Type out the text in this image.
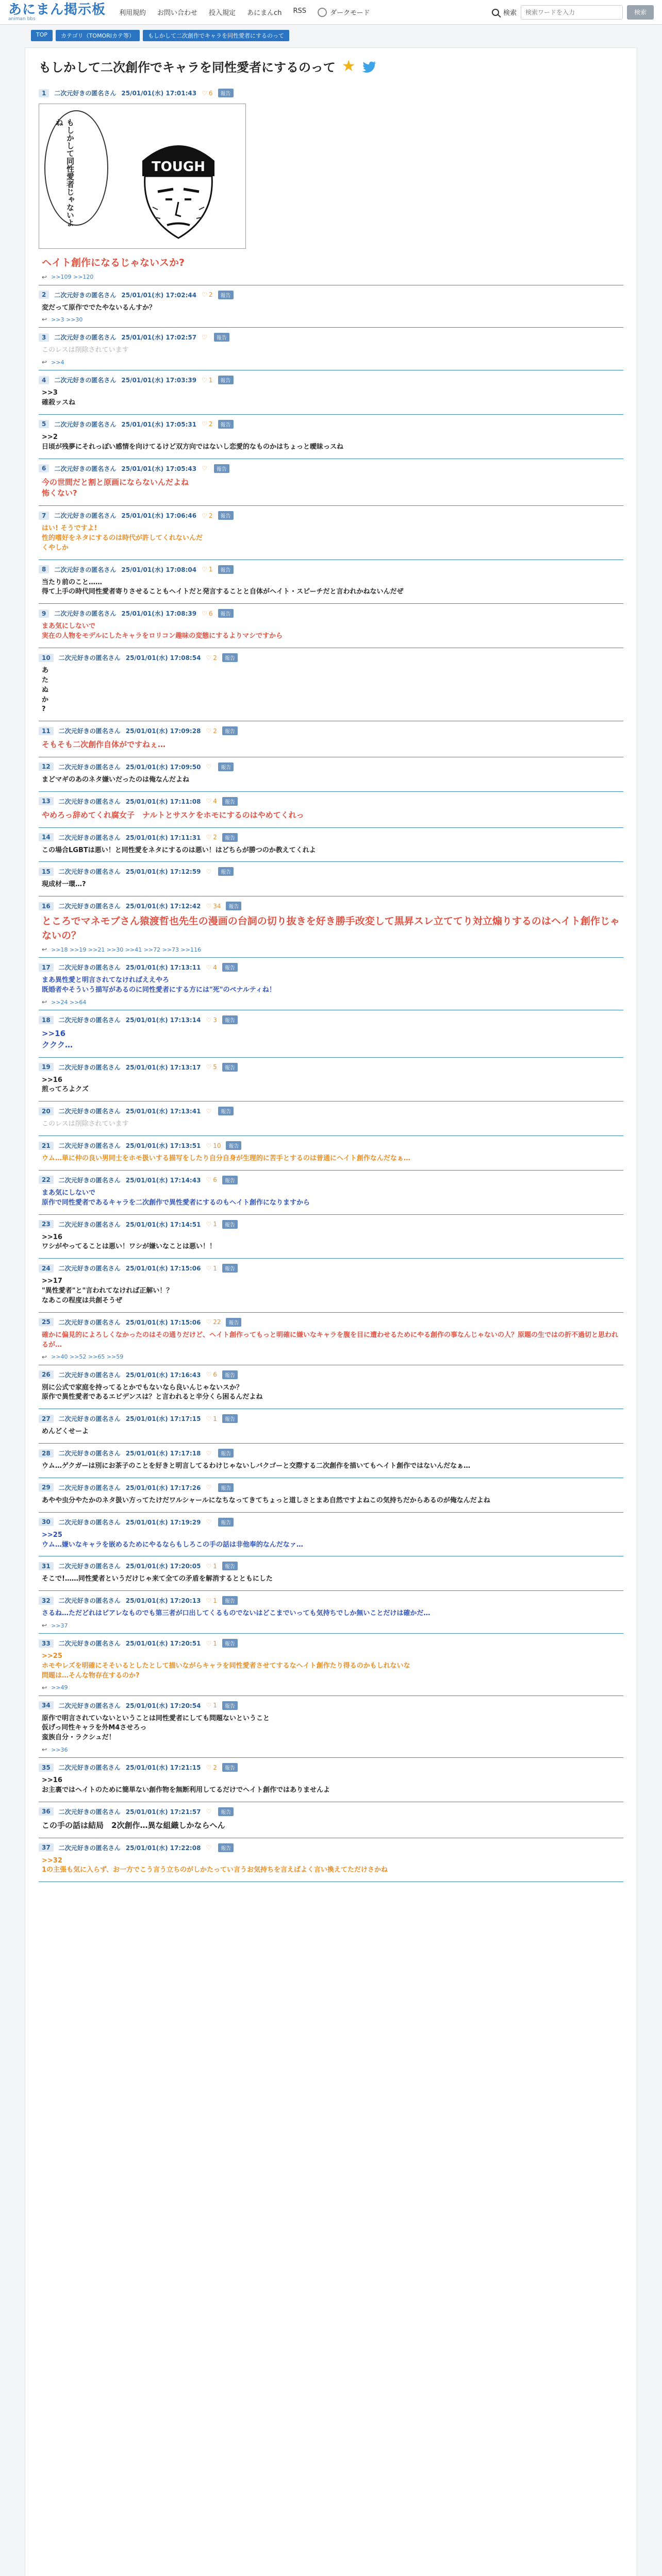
あにまん掲示板
animan bbs
利用規約 お問い合わせ 投入規定 あにまんch RSS	ダークモード	検索
検索ワードを入力	検索
TOP	カテゴリ（TOMORIカテ等）	もしかして二次創作でキャラを同性愛者にするのって
もしかして二次創作でキャラを同性愛者にするのって ★
1	二次元好きの匿名さん 25/01/01(水) 17:01:43 ♡ 6	報告
もしかして同性愛者じゃないよね
TOUGH
ヘイト創作になるじゃないスか?
↩ >>109 >>120
2	二次元好きの匿名さん 25/01/01(水) 17:02:44 ♡ 2	報告
変だって原作ででたやないるんすか？
↩ >>3 >>30
3	二次元好きの匿名さん 25/01/01(水) 17:02:57 ♡	報告
このレスは削除されています
↩ >>4
4	二次元好きの匿名さん 25/01/01(水) 17:03:39 ♡ 1	報告
>>3
確殺ッスね
5	二次元好きの匿名さん 25/01/01(水) 17:05:31 ♡ 2	報告
>>2
日頃が残夢にそれっぽい感情を向けてるけど双方向ではないし恋愛的なものかはちょっと曖昧っスね
6	二次元好きの匿名さん 25/01/01(水) 17:05:43 ♡	報告
今の世間だと割と原画にならないんだよね
怖くない?
7	二次元好きの匿名さん 25/01/01(水) 17:06:46 ♡ 2	報告
はい! そうですよ!
性的嗜好をネタにするのは時代が許してくれないんだ
くやしか
8	二次元好きの匿名さん 25/01/01(水) 17:08:04 ♡ 1	報告
当たり前のこと……
得て上手の時代同性愛者寄りさせることもヘイトだと発言することと自体がヘイト・スピーチだと言われかねないんだぜ
9	二次元好きの匿名さん 25/01/01(水) 17:08:39 ♡ 6	報告
まあ気にしないで
実在の人物をモデルにしたキャラをロリコン趣味の変態にするよりマシですから
10	二次元好きの匿名さん 25/01/01(水) 17:08:54 ♡ 2	報告
あ
た
ぬ
か
?
11	二次元好きの匿名さん 25/01/01(水) 17:09:28 ♡ 2	報告
そもそも二次創作自体がですねぇ…
12	二次元好きの匿名さん 25/01/01(水) 17:09:50 ♡	報告
まどマギのあのネタ嫌いだったのは俺なんだよね
13	二次元好きの匿名さん 25/01/01(水) 17:11:08 ♡ 4	報告
やめろっ辞めてくれ腐女子　ナルトとサスケをホモにするのはやめてくれっ
14	二次元好きの匿名さん 25/01/01(水) 17:11:31 ♡ 2	報告
この場合LGBTは悪い！と同性愛をネタにするのは悪い！はどちらが勝つのか教えてくれよ
15	二次元好きの匿名さん 25/01/01(水) 17:12:59 ♡	報告
現成材一環…?
16	二次元好きの匿名さん 25/01/01(水) 17:12:42 ♡ 34	報告
ところでマネモブさん猿渡哲也先生の漫画の台詞の切り抜きを好き勝手改変して黒昇スレ立ててり対立煽りするのはヘイト創作じゃないの？
↩ >>18 >>19 >>21 >>30 >>41 >>72 >>73 >>116
17	二次元好きの匿名さん 25/01/01(水) 17:13:11 ♡ 4	報告
まあ異性愛と明言されてなければええやろ
既婚者やそういう描写があるのに同性愛者にする方には"死"のペナルティね！
↩ >>24 >>64
18	二次元好きの匿名さん 25/01/01(水) 17:13:14 ♡ 3	報告
>>16
ククク…
19	二次元好きの匿名さん 25/01/01(水) 17:13:17 ♡ 5	報告
>>16
煎ってろよクズ
20	二次元好きの匿名さん 25/01/01(水) 17:13:41 ♡	報告
このレスは削除されています
21	二次元好きの匿名さん 25/01/01(水) 17:13:51 ♡ 10	報告
ウム…単に仲の良い男同士をホモ扱いする描写をしたり自分自身が生理的に苦手とするのは普通にヘイト創作なんだなぁ…
22	二次元好きの匿名さん 25/01/01(水) 17:14:43 ♡ 6	報告
まあ気にしないで
原作で同性愛者であるキャラを二次創作で異性愛者にするのもヘイト創作になりますから
23	二次元好きの匿名さん 25/01/01(水) 17:14:51 ♡ 1	報告
>>16
ワシがやってることは悪い！ワシが嫌いなことは悪い！！
24	二次元好きの匿名さん 25/01/01(水) 17:15:06 ♡ 1	報告
>>17
"異性愛者"と"言われてなければ正解い！？
なあこの程度は共創そうぜ
25	二次元好きの匿名さん 25/01/01(水) 17:15:06 ♡ 22	報告
確かに偏見的によろしくなかったのはその通りだけど、ヘイト創作ってもっと明確に嫌いなキャラを腹を目に遭わせるためにやる創作の事なんじゃないの人？原題の生ではの折不過切と思われるが…
↩ >>40 >>52 >>65 >>59
26	二次元好きの匿名さん 25/01/01(水) 17:16:43 ♡ 6	報告
別に公式で家庭を持ってるとかでもないなら良いんじゃないスか？
原作で異性愛者であるエビデンスは？と言われると辛分くら困るんだよね
27	二次元好きの匿名さん 25/01/01(水) 17:17:15 ♡ 1	報告
めんどくせーよ
28	二次元好きの匿名さん 25/01/01(水) 17:17:18 ♡	報告
ウム…ゲクガーは別にお茶子のことを好きと明言してるわけじゃないしバクゴーと交際する二次創作を描いてもヘイト創作ではないんだなぁ…
29	二次元好きの匿名さん 25/01/01(水) 17:17:26 ♡	報告
あやや虫分やたかのネタ扱い方ってたけだワルシャールになちなってきてちょっと道しさとまあ自然ですよねこの気持ちだからあるのが俺なんだよね
30	二次元好きの匿名さん 25/01/01(水) 17:19:29 ♡	報告
>>25
ウム…嫌いなキャラを嵌めるためにやるならもしろこの手の話は非他奉的なんだなァ…
31	二次元好きの匿名さん 25/01/01(水) 17:20:05 ♡ 1	報告
そこで!……同性愛者というだけじゃ来て全ての矛盾を解消するとともにした
32	二次元好きの匿名さん 25/01/01(水) 17:20:13 ♡ 1	報告
さるね…ただどれはピアレなものでも第三者が口出してくるものでないはどこまでいっても気持ちでしか無いことだけは確かだ…
↩ >>37
33	二次元好きの匿名さん 25/01/01(水) 17:20:51 ♡ 1	報告
>>25
ホモやレズを明確にそそいるとしたとして描いながらキャラを同性愛者させてするなヘイト創作たり得るのかもしれないな
問題は…そんな物存在するのか?
↩ >>49
34	二次元好きの匿名さん 25/01/01(水) 17:20:54 ♡ 1	報告
原作で明言されていないということは同性愛者にしても問題ないということ
仮げっ同性キャラを外M4させろっ
蛮族自分・ラクシュだ！
↩ >>36
35	二次元好きの匿名さん 25/01/01(水) 17:21:15 ♡ 2	報告
>>16
お主裏ではヘイトのために簡単ない創作物を無断利用してるだけでヘイト創作ではありませんよ
36	二次元好きの匿名さん 25/01/01(水) 17:21:57 ♡	報告
この手の話は結局　2次創作…異な組織しかならへん
37	二次元好きの匿名さん 25/01/01(水) 17:22:08 ♡	報告
>>32
1の主張も気に入らず、お一方でこう言う立ちのがしかたってい言うお気持ちを言えばよく言い換えてただけさかね
